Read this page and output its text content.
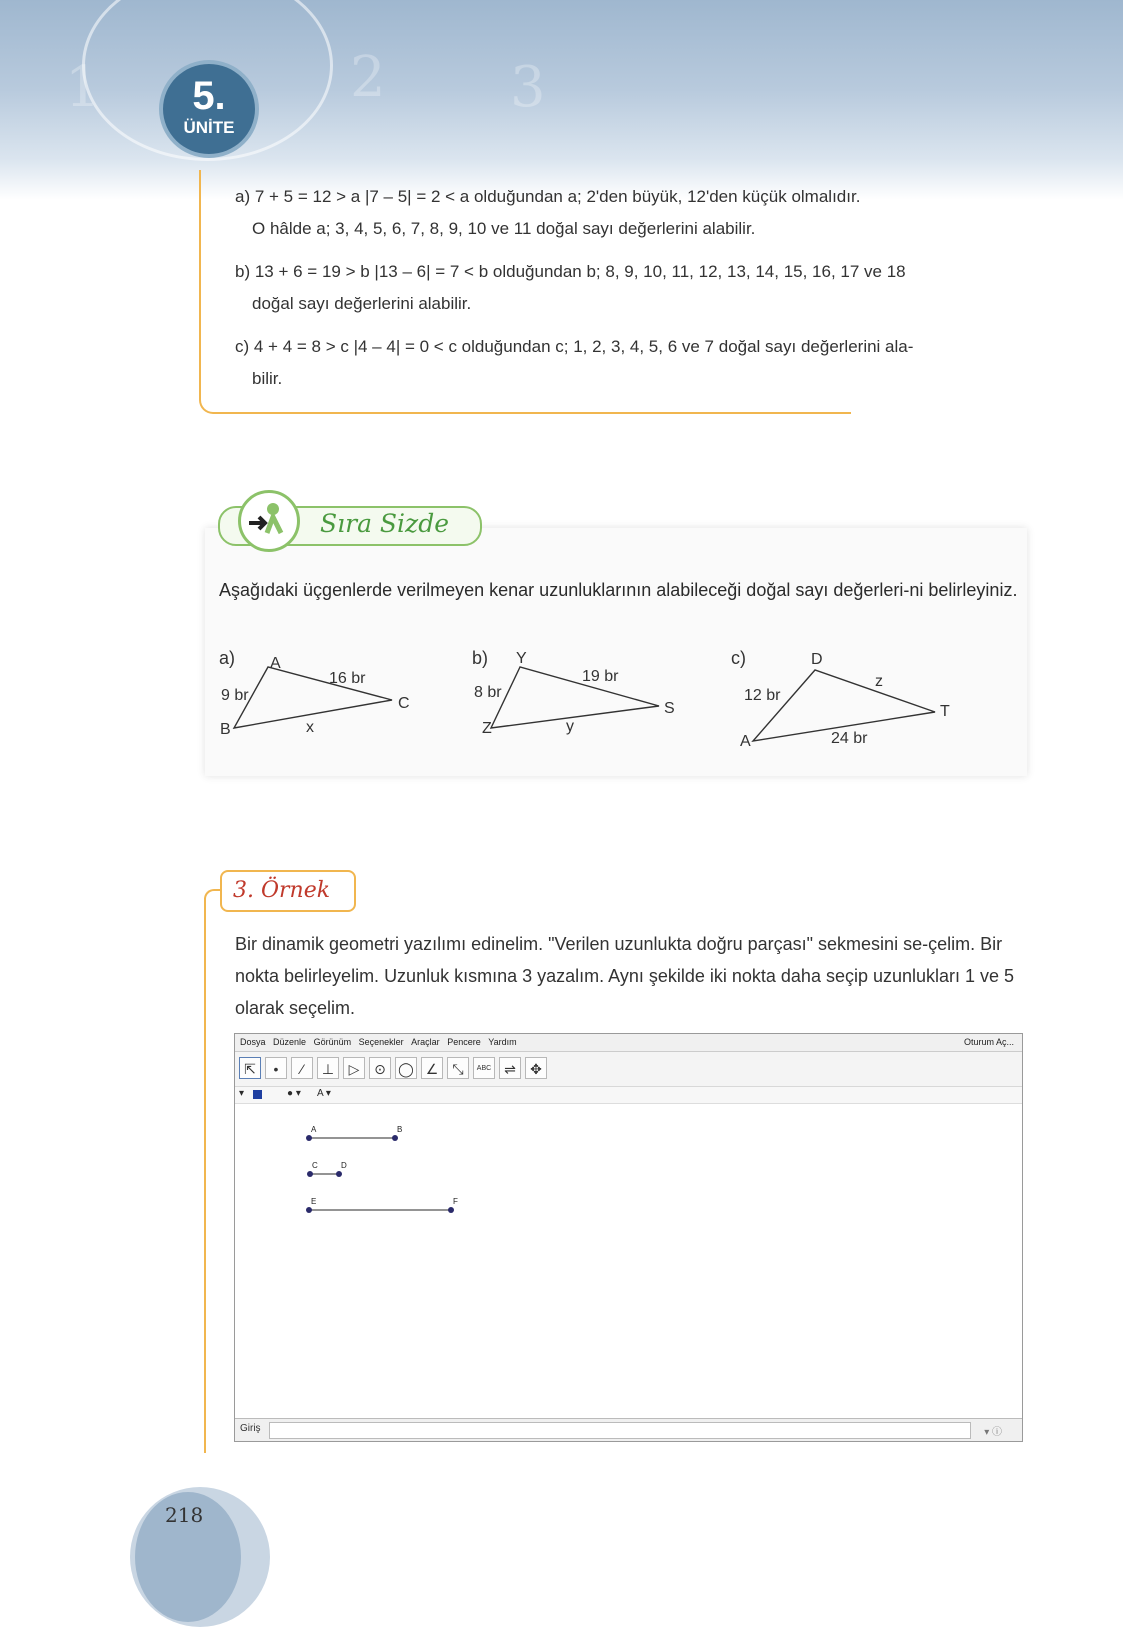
1	2 3
5.
ÜNİTE
a) 7 + 5 = 12 > a |7 – 5| = 2 < a olduğundan a; 2'den büyük, 12'den küçük olmalıdır.
O hâlde a; 3, 4, 5, 6, 7, 8, 9, 10 ve 11 doğal sayı değerlerini alabilir.
b) 13 + 6 = 19 > b |13 – 6| = 7 < b olduğundan b; 8, 9, 10, 11, 12, 13, 14, 15, 16, 17 ve 18
doğal sayı değerlerini alabilir.
c) 4 + 4 = 8 > c |4 – 4| = 0 < c olduğundan c; 1, 2, 3, 4, 5, 6 ve 7 doğal sayı değerlerini ala-
bilir.
Sıra Sizde
Aşağıdaki üçgenlerde verilmeyen kenar uzunluklarının alabileceği doğal sayı değerleri-ni belirleyiniz.
a) A
B
C
9 br
16 br
x
b) Y
Z
S
8 br
19 br
y
c)	D
A
T
12 br
z
24 br
3. Örnek
Bir dinamik geometri yazılımı edinelim. "Verilen uzunlukta doğru parçası" sekmesini se-çelim. Bir nokta belirleyelim. Uzunluk kısmına 3 yazalım. Aynı şekilde iki nokta daha seçip uzunlukları 1 ve 5 olarak seçelim.
Dosya Düzenle Görünüm Seçenekler Araçlar Pencere Yardım	Oturum Aç...
⇱	•	⁄	⊥	▷	⊙ ◯ ∠	⤡	ABC ⇌	✥
▾	● ▾ A ▾
A	B
C	D
E	F
Giriş	▾ ⓘ
218
